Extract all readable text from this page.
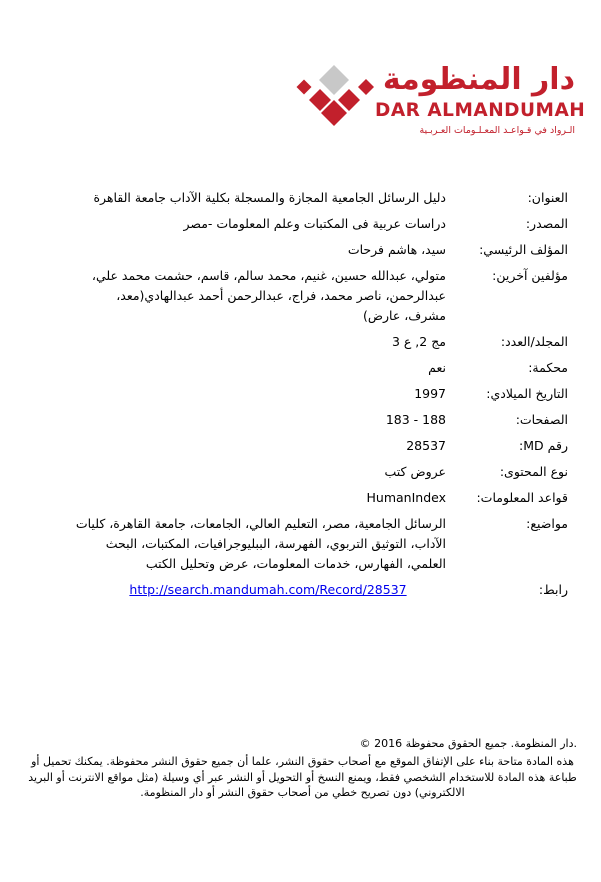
دار المنظومة
DAR ALMANDUMAH
الـرواد في قـواعـد المعـلـومات العـربـية
العنوان:
دليل الرسائل الجامعية المجازة والمسجلة بكلية الآداب جامعة القاهرة
المصدر:
دراسات عربية فى المكتبات وعلم المعلومات -مصر
المؤلف الرئيسي:
سيد، هاشم فرحات
مؤلفين آخرين:
متولي، عبدالله حسين، غنيم، محمد سالم، قاسم، حشمت محمد علي، عبدالرحمن، ناصر محمد، فراج، عبدالرحمن أحمد عبدالهادي(معد، مشرف، عارض)
المجلد/العدد:
مج 2, ع 3
محكمة:
نعم
التاريخ الميلادي:
1997
الصفحات:
183 - 188
رقم MD:
28537
نوع المحتوى:
عروض كتب
قواعد المعلومات:
HumanIndex
مواضيع:
الرسائل الجامعية، مصر، التعليم العالي، الجامعات، جامعة القاهرة، كليات الآداب، التوثيق التربوي، الفهرسة، الببليوجرافيات، المكتبات، البحث العلمي، الفهارس، خدمات المعلومات، عرض وتحليل الكتب
رابط:
http://search.mandumah.com/Record/28537
© 2016 دار المنظومة. جميع الحقوق محفوظة.
هذه المادة متاحة بناء على الإتفاق الموقع مع أصحاب حقوق النشر، علما أن جميع حقوق النشر محفوظة. يمكنك تحميل أو طباعة هذه المادة للاستخدام الشخصي فقط، ويمنع النسخ أو التحويل أو النشر عبر أي وسيلة (مثل مواقع الانترنت أو البريد الالكتروني) دون تصريح خطي من أصحاب حقوق النشر أو دار المنظومة.
